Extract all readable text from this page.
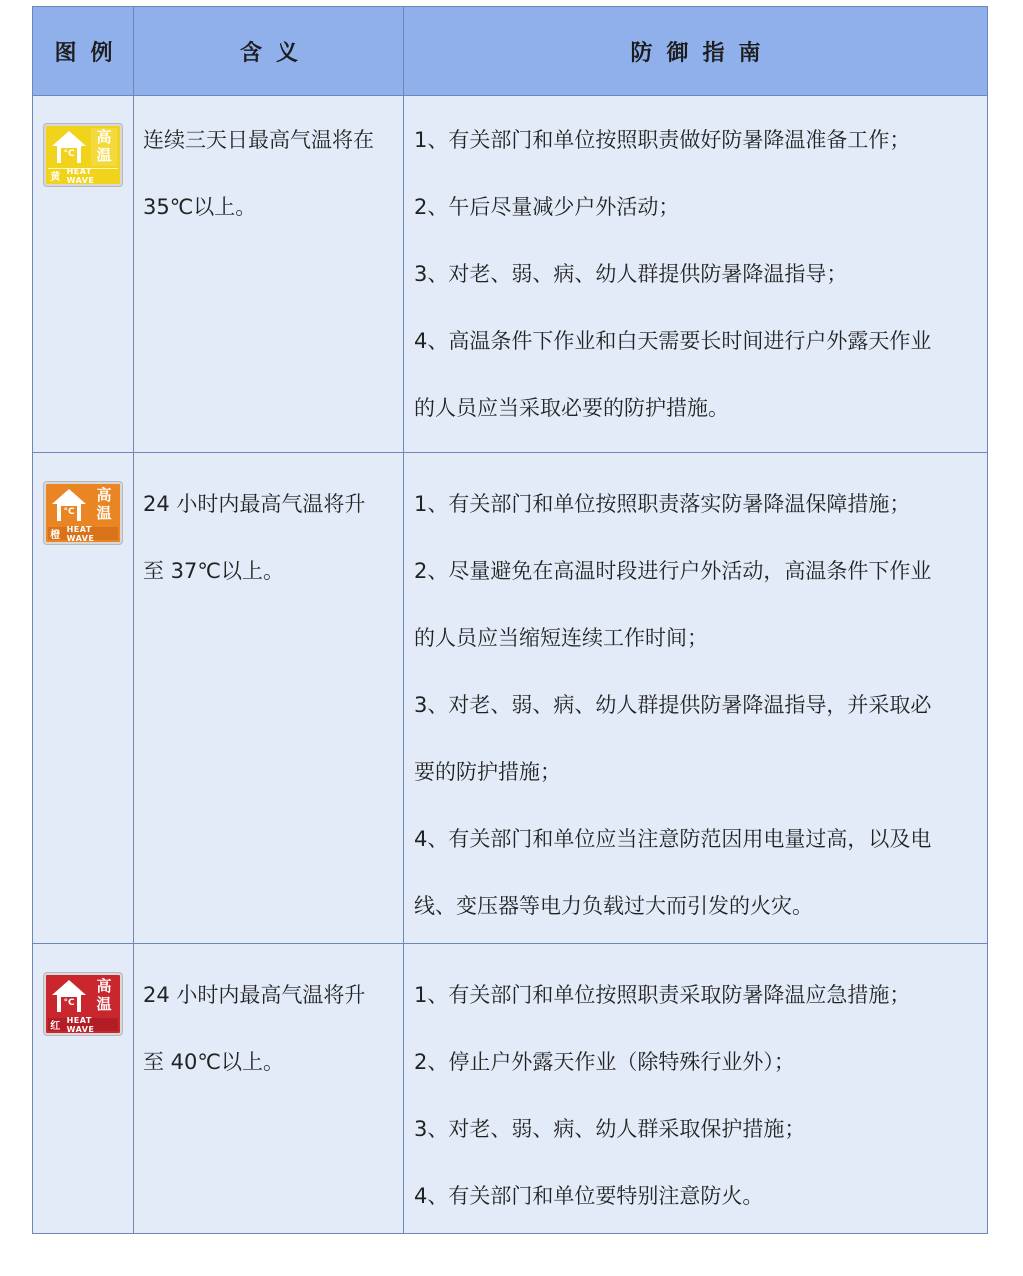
图例	含义	防御指南
°C
高温
黄
HEAT WAVE
连续三天日最高气温将在
35℃以上。

1、有关部门和单位按照职责做好防暑降温准备工作；

2、午后尽量减少户外活动；

3、对老、弱、病、幼人群提供防暑降温指导；

4、高温条件下作业和白天需要长时间进行户外露天作业

的人员应当采取必要的防护措施。

°C
高温
橙
HEAT WAVE
24 小时内最高气温将升
至 37℃以上。

1、有关部门和单位按照职责落实防暑降温保障措施；

2、尽量避免在高温时段进行户外活动，高温条件下作业

的人员应当缩短连续工作时间；

3、对老、弱、病、幼人群提供防暑降温指导，并采取必

要的防护措施；

4、有关部门和单位应当注意防范因用电量过高，以及电

线、变压器等电力负载过大而引发的火灾。

°C
高温
红
HEAT WAVE
24 小时内最高气温将升
至 40℃以上。

1、有关部门和单位按照职责采取防暑降温应急措施；

2、停止户外露天作业（除特殊行业外）；

3、对老、弱、病、幼人群采取保护措施；

4、有关部门和单位要特别注意防火。
